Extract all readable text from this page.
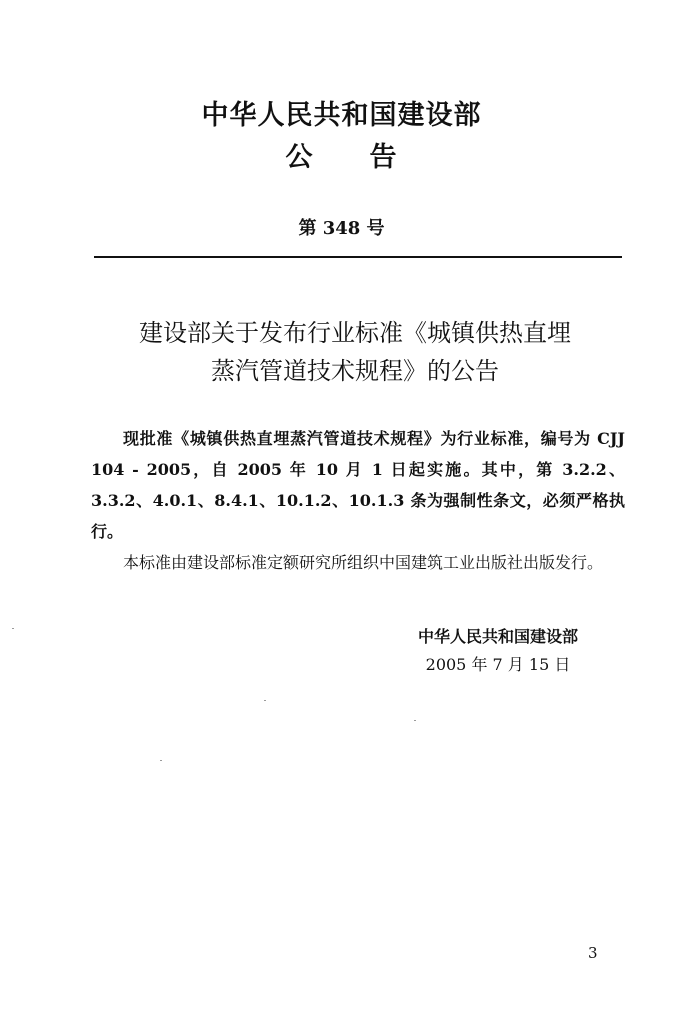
中华人民共和国建设部
公　　告
第 348 号
建设部关于发布行业标准《城镇供热直埋
蒸汽管道技术规程》的公告

现批准《城镇供热直埋蒸汽管道技术规程》为行业标准，编号为 CJJ 104 - 2005，自 2005 年 10 月 1 日起实施。其中，第 3.2.2、3.3.2、4.0.1、8.4.1、10.1.2、10.1.3 条为强制性条文，必须严格执行。

本标准由建设部标准定额研究所组织中国建筑工业出版社出版发行。

中华人民共和国建设部
2005 年 7 月 15 日
3
